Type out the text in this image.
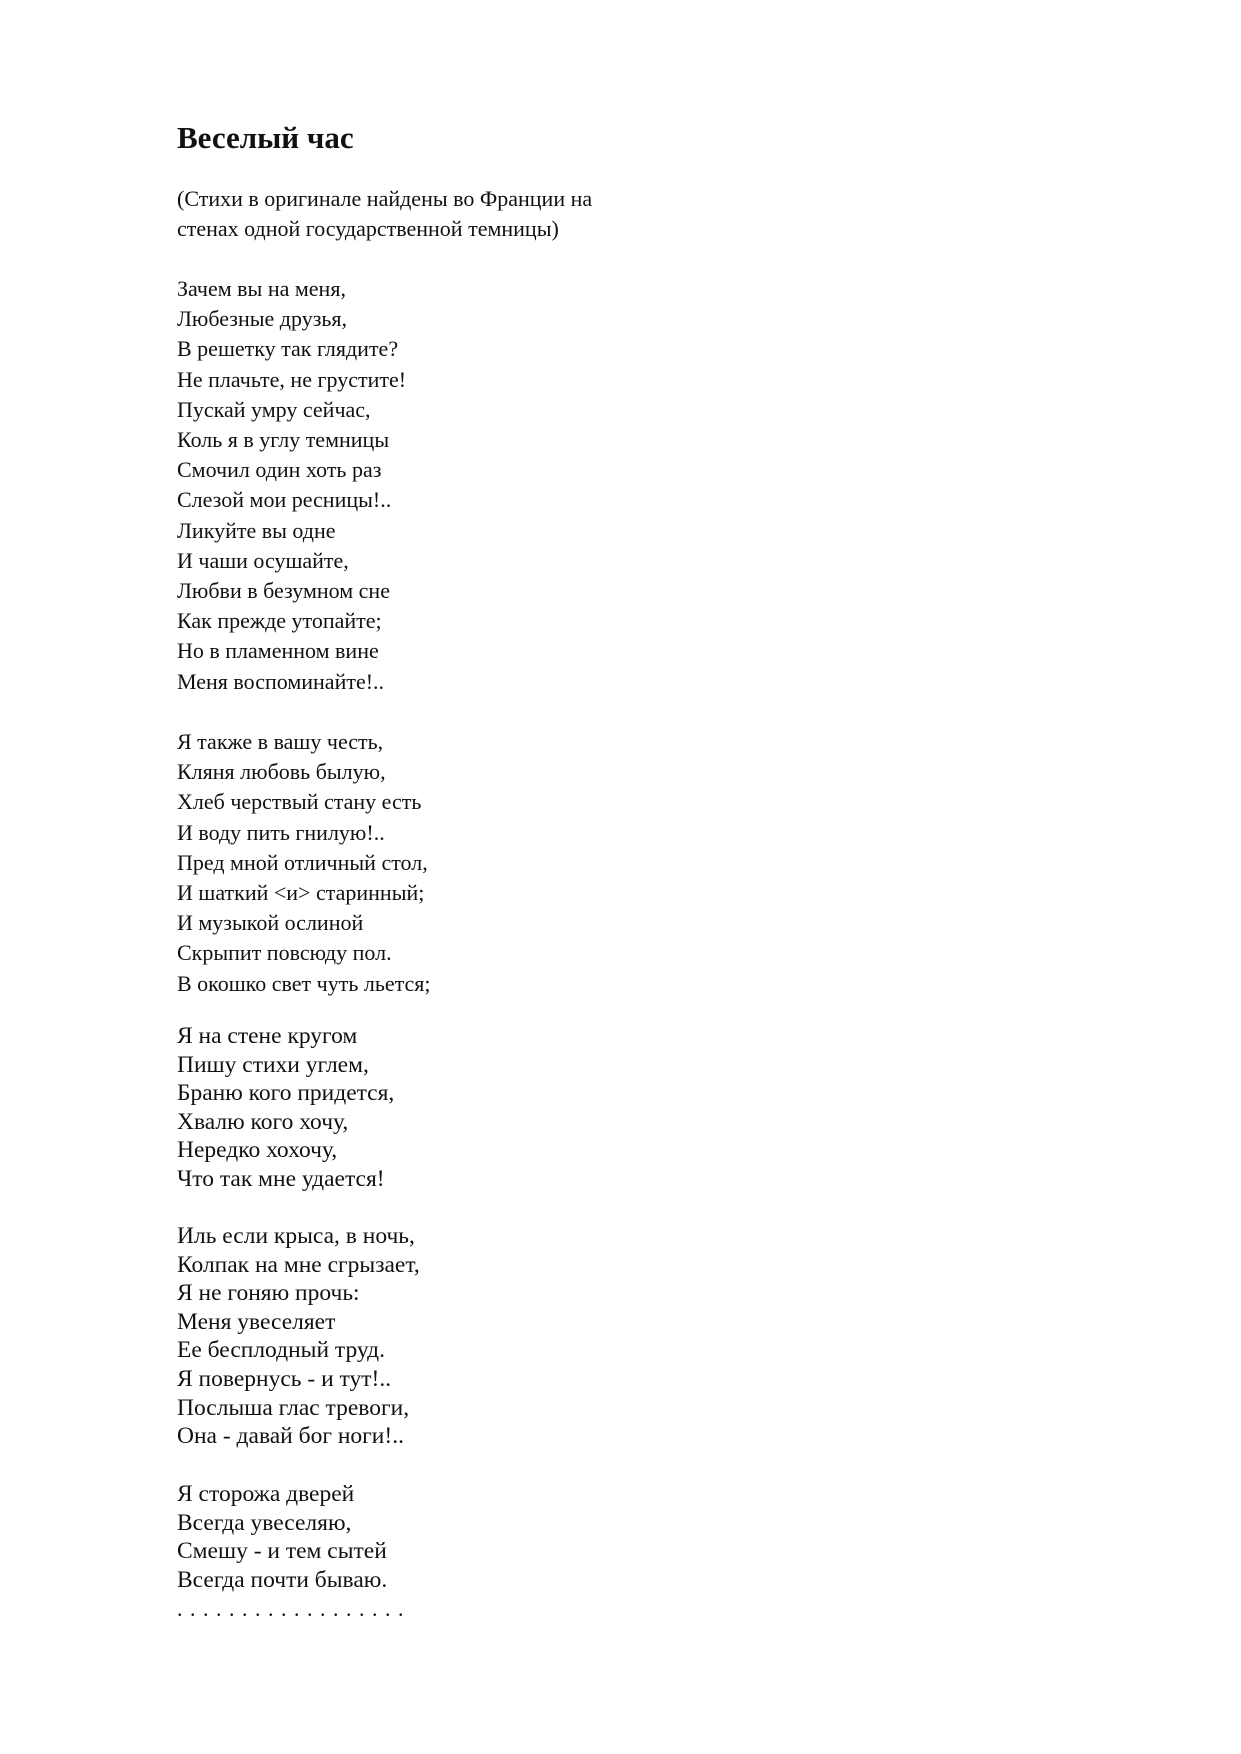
Веселый час
(Стихи в оригинале найдены во Франции на
стенах одной государственной темницы)
Зачем вы на меня,
Любезные друзья,
В решетку так глядите?
Не плачьте, не грустите!
Пускай умру сейчас,
Коль я в углу темницы
Смочил один хоть раз
Слезой мои ресницы!..
Ликуйте вы одне
И чаши осушайте,
Любви в безумном сне
Как прежде утопайте;
Но в пламенном вине
Меня воспоминайте!..
Я также в вашу честь,
Кляня любовь былую,
Хлеб черствый стану есть
И воду пить гнилую!..
Пред мной отличный стол,
И шаткий <и> старинный;
И музыкой ослиной
Скрыпит повсюду пол.
В окошко свет чуть льется;
Я на стене кругом
Пишу стихи углем,
Браню кого придется,
Хвалю кого хочу,
Нередко хохочу,
Что так мне удается!
Иль если крыса, в ночь,
Колпак на мне сгрызает,
Я не гоняю прочь:
Меня увеселяет
Ее бесплодный труд.
Я повернусь - и тут!..
Послыша глас тревоги,
Она - давай бог ноги!..
Я сторожа дверей
Всегда увеселяю,
Смешу - и тем сытей
Всегда почти бываю.
. . . . . . . . . . . . . . . . . .
